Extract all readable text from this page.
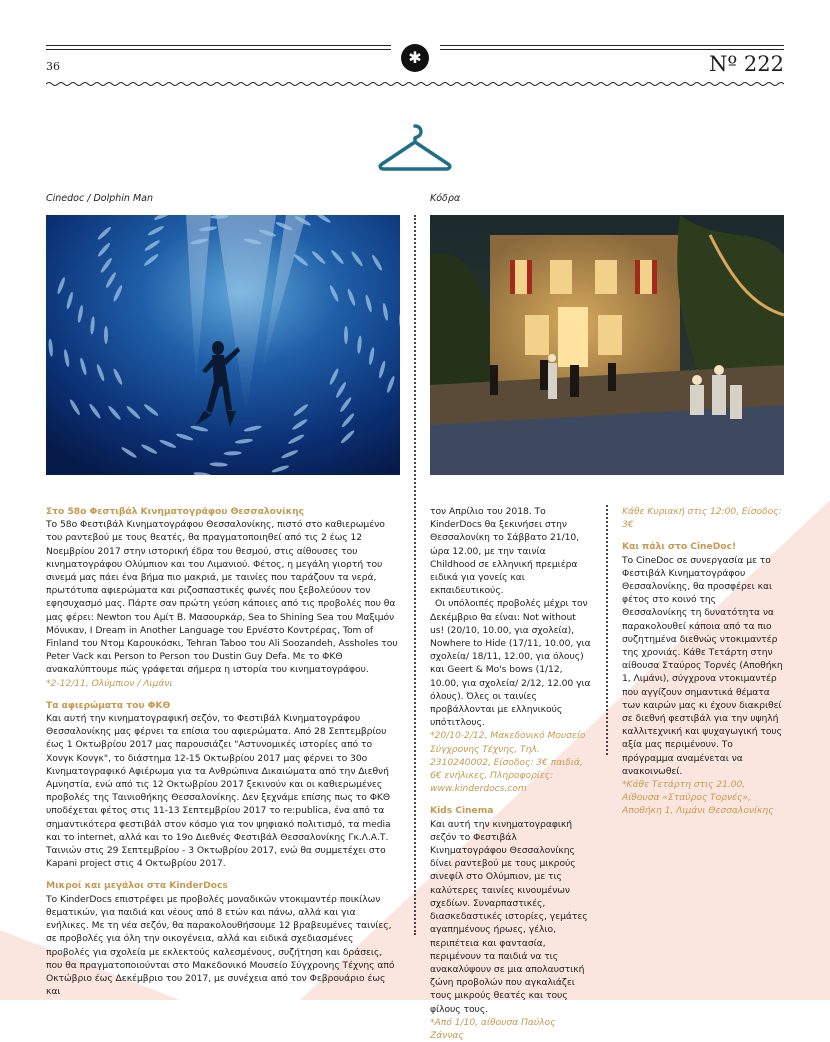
✱
36	Nº 222
Cinedoc / Dolphin Man	Κόδρα

Στο 58ο Φεστιβάλ Κινηματογράφου Θεσσαλονίκης

Το 58ο Φεστιβάλ Κινηματογράφου Θεσσαλονίκης, πιστό στο καθιερωμένο του ραντεβού με τους θεατές, θα πραγματοποιηθεί από τις 2 έως 12 Νοεμβρίου 2017 στην ιστορική έδρα του θεσμού, στις αίθουσες του κινηματογράφου Ολύμπιον και του Λιμανιού. Φέτος, η μεγάλη γιορτή του σινεμά μας πάει ένα βήμα πιο μακριά, με ταινίες που ταράζουν τα νερά, πρωτότυπα αφιερώματα και ριζοσπαστικές φωνές που ξεβολεύουν τον εφησυχασμό μας. Πάρτε σαν πρώτη γεύση κάποιες από τις προβολές που θα μας φέρει: Newton του Αμίτ Β. Μασουρκάρ, Sea to Shining Sea του Μαξιμόν Μόνικαν, I Dream in Another Language του Ερνέστο Κοντρέρας, Tom of Finland του Ντομ Καρουκόσκι, Tehran Taboo του Ali Soozandeh, Assholes του Peter Vack και Person to Person του Dustin Guy Defa. Με το ΦΚΘ ανακαλύπτουμε πώς γράφεται σήμερα η ιστορία του κινηματογράφου.

*2-12/11, Ολύμπιον / Λιμάνι

Τα αφιερώματα του ΦΚΘ

Και αυτή την κινηματογραφική σεζόν, το Φεστιβάλ Κινηματογράφου Θεσσαλονίκης μας φέρνει τα επίσια του αφιερώματα. Από 28 Σεπτεμβρίου έως 1 Οκτωβρίου 2017 μας παρουσιάζει "Αστυνομικές ιστορίες από το Χονγκ Κονγκ", το διάστημα 12-15 Οκτωβρίου 2017 μας φέρνει το 30ο Κινηματογραφικό Αφιέρωμα για τα Ανθρώπινα Δικαιώματα από την Διεθνή Αμνηστία, ενώ από τις 12 Οκτωβρίου 2017 ξεκινούν και οι καθιερωμένες προβολές της Ταινιοθήκης Θεσσαλονίκης. Δεν ξεχνάμε επίσης πως το ΦΚΘ υποδέχεται φέτος στις 11-13 Σεπτεμβρίου 2017 το re:publica, ένα από τα σημαντικότερα φεστιβάλ στον κόσμο για τον ψηφιακό πολιτισμό, τα media και το internet, αλλά και το 19ο Διεθνές Φεστιβάλ Θεσσαλονίκης Γκ.Λ.Α.Τ. Ταινιών στις 29 Σεπτεμβρίου - 3 Οκτωβρίου 2017, ενώ θα συμμετέχει στο Kapani project στις 4 Οκτωβρίου 2017.

Μικροί και μεγάλοι στα KinderDocs

Το KinderDocs επιστρέφει με προβολές μοναδικών ντοκιμαντέρ ποικίλων θεματικών, για παιδιά και νέους από 8 ετών και πάνω, αλλά και για ενήλικες. Με τη νέα σεζόν, θα παρακολουθήσουμε 12 βραβευμένες ταινίες, σε προβολές για όλη την οικογένεια, αλλά και ειδικά σχεδιασμένες προβολές για σχολεία με εκλεκτούς καλεσμένους, συζήτηση και δράσεις, που θα πραγματοποιούνται στο Μακεδονικό Μουσείο Σύγχρονης Τέχνης από Οκτώβριο έως Δεκέμβριο του 2017, με συνέχεια από τον Φεβρουάριο έως και

τον Απρίλιο του 2018. Το KinderDocs θα ξεκινήσει στην Θεσσαλονίκη το Σάββατο 21/10, ώρα 12.00, με την ταινία Childhood σε ελληνική πρεμιέρα ειδικά για γονείς και εκπαιδευτικούς.

Οι υπόλοιπές προβολές μέχρι τον Δεκέμβριο θα είναι: Not without us! (20/10, 10.00, για σχολεία), Nowhere to Hide (17/11, 10.00, για σχολεία/ 18/11, 12.00, για όλους) και Geert & Mo's bows (1/12, 10.00, για σχολεία/ 2/12, 12.00 για όλους). Όλες οι ταινίες προβάλλονται με ελληνικούς υπότιτλους.

*20/10-2/12, Μακεδονικό Μουσείο Σύγχρονης Τέχνης, Τηλ. 2310240002, Είσοδος: 3€ παιδιά, 6€ ενήλικες, Πληροφορίες: www.kinderdocs.com

Kids Cinema

Και αυτή την κινηματογραφική σεζόν το Φεστιβάλ Κινηματογράφου Θεσσαλονίκης δίνει ραντεβού με τους μικρούς σινεφίλ στο Ολύμπιον, με τις καλύτερες ταινίες κινουμένων σχεδίων. Συναρπαστικές, διασκεδαστικές ιστορίες, γεμάτες αγαπημένους ήρωες, γέλιο, περιπέτεια και φαντασία, περιμένουν τα παιδιά να τις ανακαλύψουν σε μια απολαυστική ζώνη προβολών που αγκαλιάζει τους μικρούς θεατές και τους φίλους τους.

*Από 1/10, αίθουσα Παύλος Ζάννας

Κάθε Κυριακή στις 12:00, Είσοδος: 3€

Και πάλι στο CineDoc!

Το CineDoc σε συνεργασία με το Φεστιβάλ Κινηματογράφου Θεσσαλονίκης, θα προσφέρει και φέτος στο κοινό της Θεσσαλονίκης τη δυνατότητα να παρακολουθεί κάποια από τα πιο συζητημένα διεθνώς ντοκιμαντέρ της χρονιάς. Κάθε Τετάρτη στην αίθουσα Σταύρος Τορνές (Αποθήκη 1, Λιμάνι), σύγχρονα ντοκιμαντέρ που αγγίζουν σημαντικά θέματα των καιρών μας κι έχουν διακριθεί σε διεθνή φεστιβάλ για την υψηλή καλλιτεχνική και ψυχαγωγική τους αξία μας περιμένουν. Το πρόγραμμα αναμένεται να ανακοινωθεί.

*Κάθε Τετάρτη στις 21.00, Αίθουσα «Σταύρος Τορνές», Αποθήκη 1, Λιμάνι Θεσσαλονίκης
